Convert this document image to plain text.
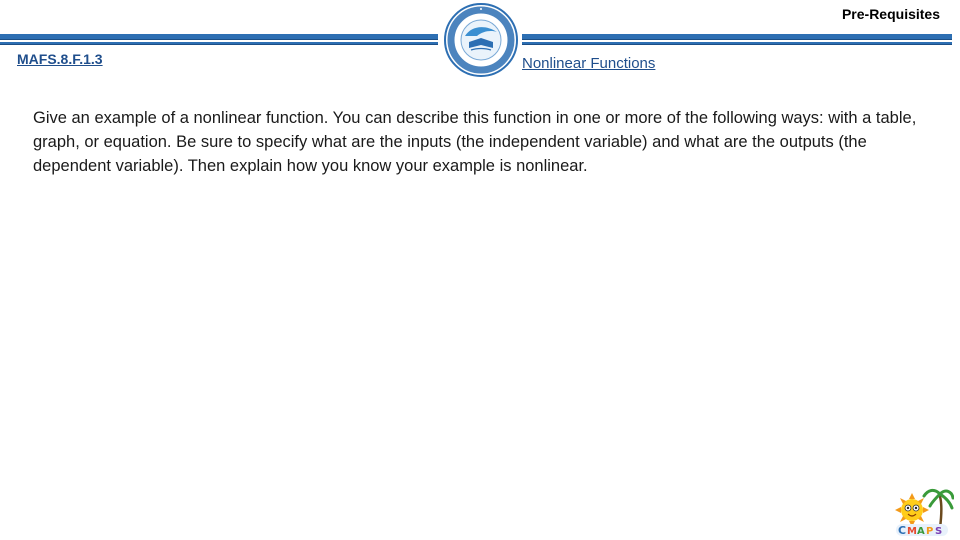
Pre-Requisites
MAFS.8.F.1.3	Nonlinear Functions
Give an example of a nonlinear function. You can describe this function in one or more of the following ways: with a table, graph, or equation. Be sure to specify what are the inputs (the independent variable) and what are the outputs (the dependent variable). Then explain how you know your example is nonlinear.
C M A P S
